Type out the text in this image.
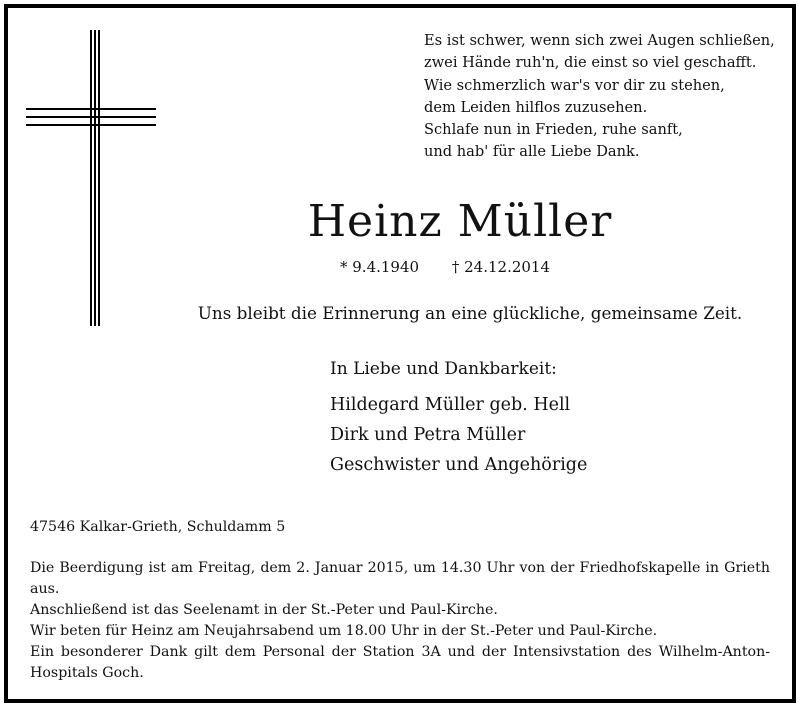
Es ist schwer, wenn sich zwei Augen schließen,
zwei Hände ruh'n, die einst so viel geschafft.
Wie schmerzlich war's vor dir zu stehen,
dem Leiden hilflos zuzusehen.
Schlafe nun in Frieden, ruhe sanft,
und hab' für alle Liebe Dank.
Heinz Müller
* 9.4.1940 † 24.12.2014
Uns bleibt die Erinnerung an eine glückliche, gemeinsame Zeit.
In Liebe und Dankbarkeit:
Hildegard Müller geb. Hell
Dirk und Petra Müller
Geschwister und Angehörige
47546 Kalkar-Grieth, Schuldamm 5
Die Beerdigung ist am Freitag, dem 2. Januar 2015, um 14.30 Uhr von der Friedhofskapelle in Grieth aus.
Anschließend ist das Seelenamt in der St.-Peter und Paul-Kirche.
Wir beten für Heinz am Neujahrsabend um 18.00 Uhr in der St.-Peter und Paul-Kirche.
Ein besonderer Dank gilt dem Personal der Station 3A und der Intensivstation des Wilhelm-Anton-
Hospitals Goch.
